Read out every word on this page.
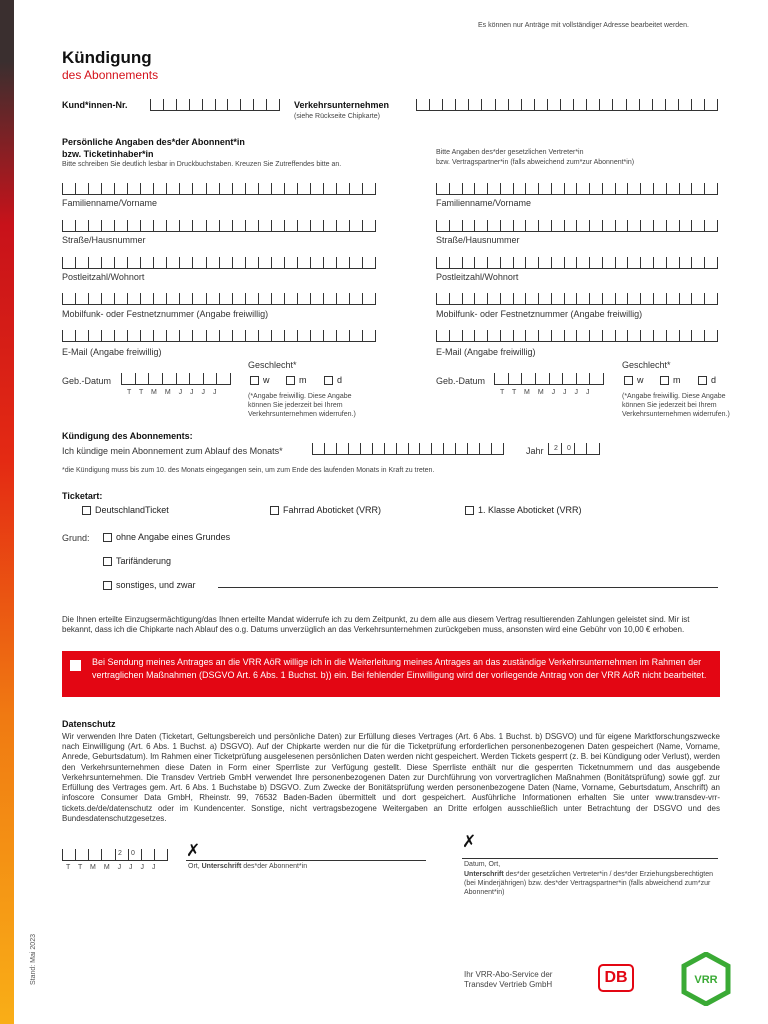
Es können nur Anträge mit vollständiger Adresse bearbeitet werden.
Kündigung
des Abonnements
Kund*innen-Nr.	Verkehrsunternehmen
(siehe Rückseite Chipkarte)
Persönliche Angaben des*der Abonnent*in
bzw. Ticketinhaber*in
Bitte schreiben Sie deutlich lesbar in Druckbuchstaben. Kreuzen Sie Zutreffendes bitte an.
Bitte Angaben des*der gesetzlichen Vertreter*in
bzw. Vertragspartner*in (falls abweichend zum*zur Abonnent*in)
Familienname/Vorname
Straße/Hausnummer
Postleitzahl/Wohnort
Mobilfunk- oder Festnetznummer (Angabe freiwillig)
E-Mail (Angabe freiwillig)
Familienname/Vorname
Straße/Hausnummer
Postleitzahl/Wohnort
Mobilfunk- oder Festnetznummer (Angabe freiwillig)
E-Mail (Angabe freiwillig)
Geschlecht*
Geb.-Datum
T T M M J J J J
w	m	d
(*Angabe freiwillig. Diese Angabe können Sie jederzeit bei Ihrem Verkehrsunternehmen widerrufen.)
Geschlecht*
Geb.-Datum
T T M M J J J J
w	m	d
(*Angabe freiwillig. Diese Angabe können Sie jederzeit bei Ihrem Verkehrsunternehmen widerrufen.)
Kündigung des Abonnements:
Ich kündige mein Abonnement zum Ablauf des Monats*	Jahr 2 0
*die Kündigung muss bis zum 10. des Monats eingegangen sein, um zum Ende des laufenden Monats in Kraft zu treten.
Ticketart:
DeutschlandTicket	Fahrrad Aboticket (VRR)	1. Klasse Aboticket (VRR)
Grund:	ohne Angabe eines Grundes
Tarifänderung
sonstiges, und zwar
Die Ihnen erteilte Einzugsermächtigung/das Ihnen erteilte Mandat widerrufe ich zu dem Zeitpunkt, zu dem alle aus diesem Vertrag resultierenden Zahlungen geleistet sind. Mir ist bekannt, dass ich die Chipkarte nach Ablauf des o.g. Datums unverzüglich an das Verkehrsunternehmen zurückgeben muss, ansonsten wird eine Gebühr von 10,00 € erhoben.
Bei Sendung meines Antrages an die VRR AöR willige ich in die Weiterleitung meines Antrages an das zuständige Verkehrsunternehmen im Rahmen der vertraglichen Maßnahmen (DSGVO Art. 6 Abs. 1 Buchst. b)) ein. Bei fehlender Einwilligung wird der vorliegende Antrag von der VRR AöR nicht bearbeitet.
Datenschutz
Wir verwenden Ihre Daten (Ticketart, Geltungsbereich und persönliche Daten) zur Erfüllung dieses Vertrages (Art. 6 Abs. 1 Buchst. b) DSGVO) und für eigene Marktforschungszwecke nach Einwilligung (Art. 6 Abs. 1 Buchst. a) DSGVO). Auf der Chipkarte werden nur die für die Ticketprüfung erforderlichen personenbezogenen Daten gespeichert (Name, Vorname, Anrede, Geburtsdatum). Im Rahmen einer Ticketprüfung ausgelesenen persönlichen Daten werden nicht gespeichert. Werden Tickets gesperrt (z. B. bei Kündigung oder Verlust), werden den Verkehrsunternehmen diese Daten in Form einer Sperrliste zur Verfügung gestellt. Diese Sperrliste enthält nur die gesperrten Ticketnummern und das ausgebende Verkehrsunternehmen. Die Transdev Vertrieb GmbH verwendet Ihre personenbezogenen Daten zur Durchführung von vorvertraglichen Maßnahmen (Bonitätsprüfung) sowie ggf. zur Erfüllung des Vertrages gem. Art. 6 Abs. 1 Buchstabe b) DSGVO. Zum Zwecke der Bonitätsprüfung werden personenbezogene Daten (Name, Vorname, Geburtsdatum, Anschrift) an infoscore Consumer Data GmbH, Rheinstr. 99, 76532 Baden-Baden übermittelt und dort gespeichert. Ausführliche Informationen erhalten Sie unter www.transdev-vrr-tickets.de/de/datenschutz oder im Kundencenter. Sonstige, nicht vertragsbezogene Weitergaben an Dritte erfolgen ausschließlich unter Betrachtung der DSGVO und des Bundesdatenschutzgesetzes.
2 0
T T M M J J J J
✗
Ort, Unterschrift des*der Abonnent*in
✗
Datum, Ort,
Unterschrift des*der gesetzlichen Vertreter*in / des*der Erziehungsberechtigten (bei Minderjährigen) bzw. des*der Vertragspartner*in (falls abweichend zum*zur Abonnent*in)
Stand: Mai 2023	Ihr VRR-Abo-Service der
Transdev Vertrieb GmbH	DB	VRR
